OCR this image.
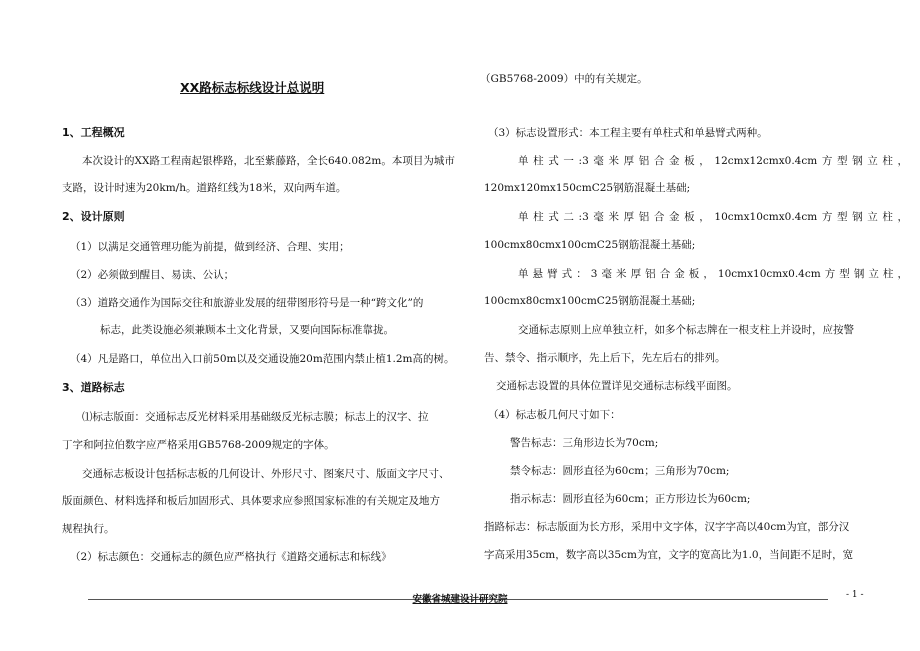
XX路标志标线设计总说明
1、工程概况
本次设计的XX路工程南起银桦路，北至紫藤路，全长640.082m。本项目为城市
支路，设计时速为20km/h。道路红线为18米，双向两车道。
2、设计原则
（1）以满足交通管理功能为前提，做到经济、合理、实用；
（2）必须做到醒目、易读、公认；
（3）道路交通作为国际交往和旅游业发展的纽带图形符号是一种“跨文化”的
标志，此类设施必须兼顾本土文化背景，又要向国际标准靠拢。
（4）凡是路口，单位出入口前50m以及交通设施20m范围内禁止植1.2m高的树。
3、道路标志
⑴标志版面：交通标志反光材料采用基础级反光标志膜；标志上的汉字、拉
丁字和阿拉伯数字应严格采用GB5768-2009规定的字体。
交通标志板设计包括标志板的几何设计、外形尺寸、图案尺寸、版面文字尺寸、
版面颜色、材料选择和板后加固形式、具体要求应参照国家标准的有关规定及地方
规程执行。
（2）标志颜色：交通标志的颜色应严格执行《道路交通标志和标线》
（GB5768-2009）中的有关规定。
（3）标志设置形式：本工程主要有单柱式和单悬臂式两种。
单柱式一:3毫米厚铝合金板，12cmx12cmx0.4cm方型钢立柱，
120mx120mx150cmC25钢筋混凝土基础;
单柱式二:3毫米厚铝合金板，10cmx10cmx0.4cm方型钢立柱，
100cmx80cmx100cmC25钢筋混凝土基础;
单悬臂式：3毫米厚铝合金板，10cmx10cmx0.4cm方型钢立柱，
100cmx80cmx100cmC25钢筋混凝土基础;
交通标志原则上应单独立杆，如多个标志牌在一根支柱上并设时，应按警
告、禁令、指示顺序，先上后下，先左后右的排列。
交通标志设置的具体位置详见交通标志标线平面图。
（4）标志板几何尺寸如下：
警告标志：三角形边长为70cm;
禁令标志：圆形直径为60cm；三角形为70cm;
指示标志：圆形直径为60cm；正方形边长为60cm;
指路标志：标志版面为长方形，采用中文字体，汉字字高以40cm为宜，部分汉
字高采用35cm，数字高以35cm为宜，文字的宽高比为1.0，当间距不足时，宽
安徽省城建设计研究院	- 1 -
